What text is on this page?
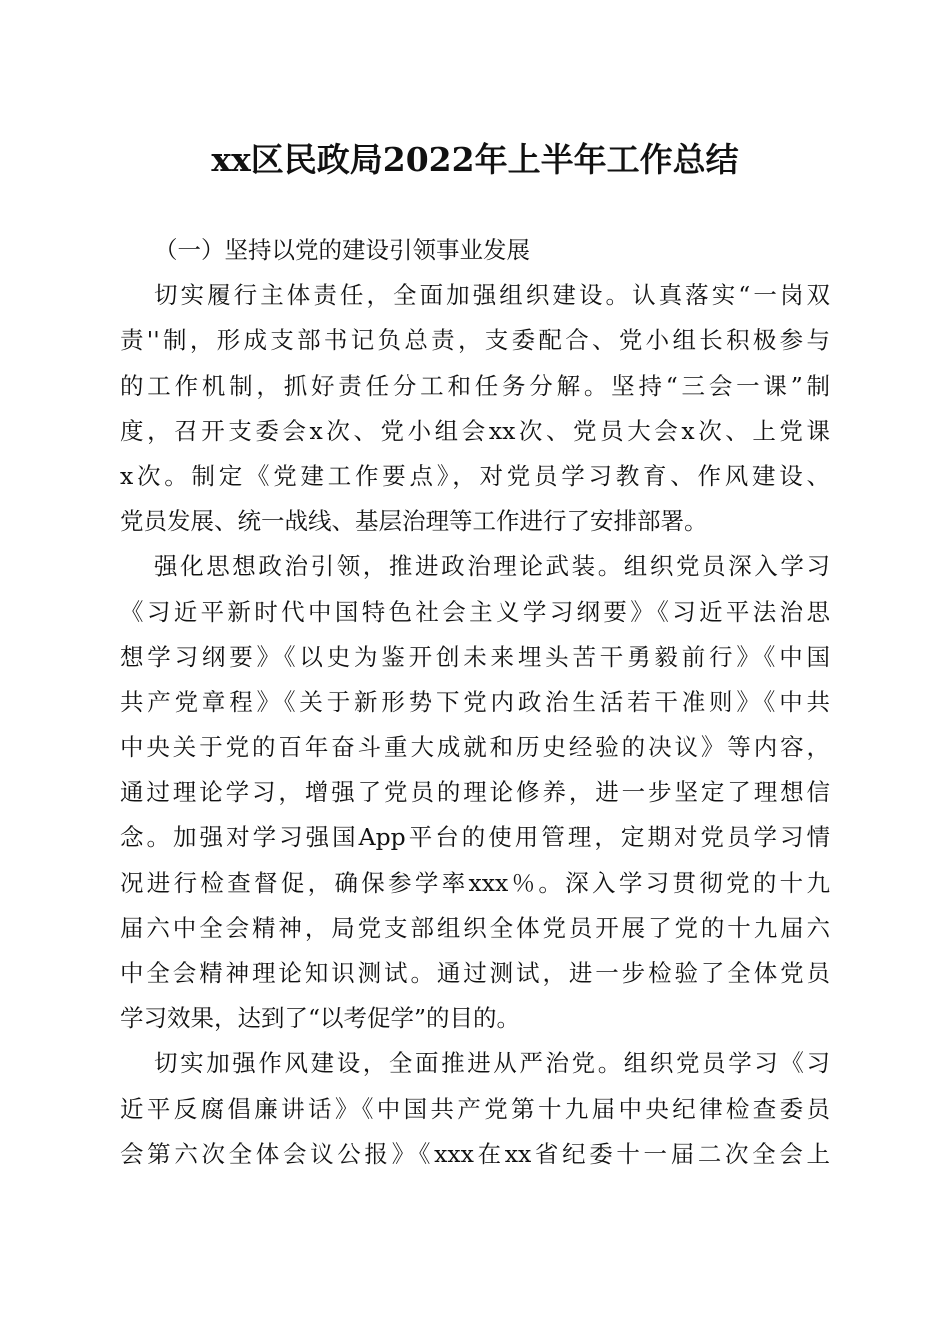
xx区民政局2022年上半年工作总结
（一）坚持以党的建设引领事业发展
切实履行主体责任，全面加强组织建设。认真落实“一岗双
责''制，形成支部书记负总责，支委配合、党小组长积极参与
的工作机制，抓好责任分工和任务分解。坚持“三会一课”制
度，召开支委会x次、党小组会xx次、党员大会x次、上党课
x次。制定《党建工作要点》，对党员学习教育、作风建设、
党员发展、统一战线、基层治理等工作进行了安排部署。
强化思想政治引领，推进政治理论武装。组织党员深入学习
《习近平新时代中国特色社会主义学习纲要》《习近平法治思
想学习纲要》《以史为鉴开创未来埋头苦干勇毅前行》《中国
共产党章程》《关于新形势下党内政治生活若干准则》《中共
中央关于党的百年奋斗重大成就和历史经验的决议》等内容，
通过理论学习，增强了党员的理论修养，进一步坚定了理想信
念。加强对学习强国App平台的使用管理，定期对党员学习情
况进行检查督促，确保参学率xxx％。深入学习贯彻党的十九
届六中全会精神，局党支部组织全体党员开展了党的十九届六
中全会精神理论知识测试。通过测试，进一步检验了全体党员
学习效果，达到了“以考促学”的目的。
切实加强作风建设，全面推进从严治党。组织党员学习《习
近平反腐倡廉讲话》《中国共产党第十九届中央纪律检查委员
会第六次全体会议公报》《xxx在xx省纪委十一届二次全会上
